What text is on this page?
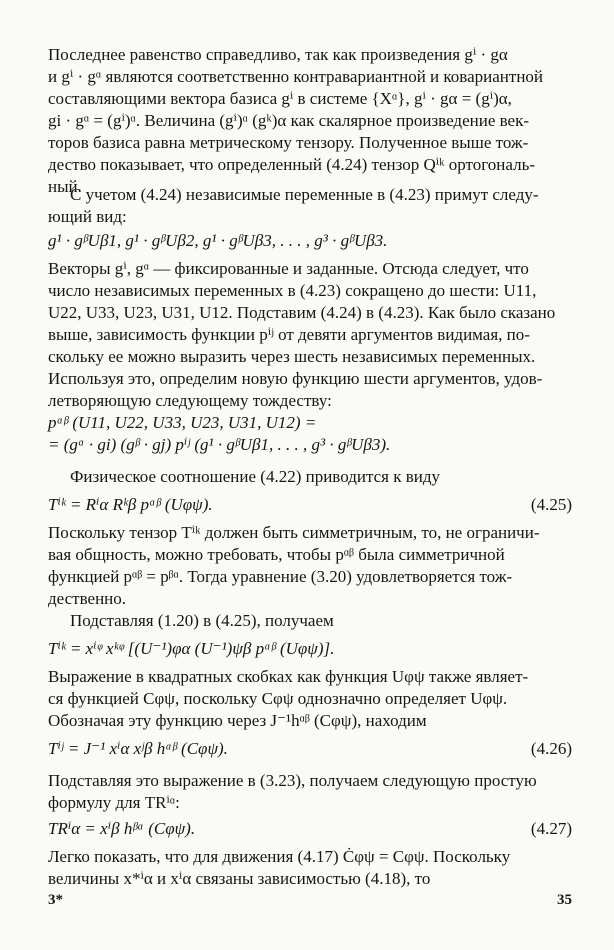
Последнее равенство справедливо, так как произведения gⁱ · gα
и gⁱ · gᵅ являются соответственно контравариантной и ковариантной
составляющими вектора базиса gⁱ в системе {Xᵅ}, gⁱ · gα = (gⁱ)α,
gi · gᵅ = (gⁱ)ᵅ. Величина (gⁱ)ᵅ (gᵏ)α как скалярное произведение век-
торов базиса равна метрическому тензору. Полученное выше тож-
дество показывает, что определенный (4.24) тензор Qⁱᵏ ортогональ-
ный.
С учетом (4.24) независимые переменные в (4.23) примут следу-
ющий вид:
g¹ · gᵝUβ1, g¹ · gᵝUβ2, g¹ · gᵝUβ3, . . . , g³ · gᵝUβ3.
Векторы gⁱ, gᵅ — фиксированные и заданные. Отсюда следует, что
число независимых переменных в (4.23) сокращено до шести: U11,
U22, U33, U23, U31, U12. Подставим (4.24) в (4.23). Как было сказано
выше, зависимость функции pⁱʲ от девяти аргументов видимая, по-
скольку ее можно выразить через шесть независимых переменных.
Используя это, определим новую функцию шести аргументов, удов-
летворяющую следующему тождеству:
pᵅᵝ (U11, U22, U33, U23, U31, U12) =
= (gᵅ · gi) (gᵝ · gj) pⁱʲ (g¹ · gᵝUβ1, . . . , g³ · gᵝUβ3).
Физическое соотношение (4.22) приводится к виду
Tⁱᵏ = Rⁱα Rᵏβ pᵅᵝ (Uφψ).	(4.25)
Поскольку тензор Tⁱᵏ должен быть симметричным, то, не ограничи-
вая общность, можно требовать, чтобы pᵅᵝ была симметричной
функцией pᵅᵝ = pᵝᵅ. Тогда уравнение (3.20) удовлетворяется тож-
дественно.
Подставляя (1.20) в (4.25), получаем
Tⁱᵏ = xⁱᵠ xᵏᵠ [(U⁻¹)φα (U⁻¹)ψβ pᵅᵝ (Uφψ)].
Выражение в квадратных скобках как функция Uφψ также являет-
ся функцией Cφψ, поскольку Cφψ однозначно определяет Uφψ.
Обозначая эту функцию через J⁻¹hᵅᵝ (Cφψ), находим
Tⁱʲ = J⁻¹ xⁱα xʲβ hᵅᵝ (Cφψ).	(4.26)
Подставляя это выражение в (3.23), получаем следующую простую
формулу для TRⁱᵅ:
TRⁱα = xⁱβ hᵝᵅ (Cφψ).	(4.27)
Легко показать, что для движения (4.17) Ċφψ = Cφψ. Поскольку
величины x*ⁱα и xⁱα связаны зависимостью (4.18), то
3*	35
